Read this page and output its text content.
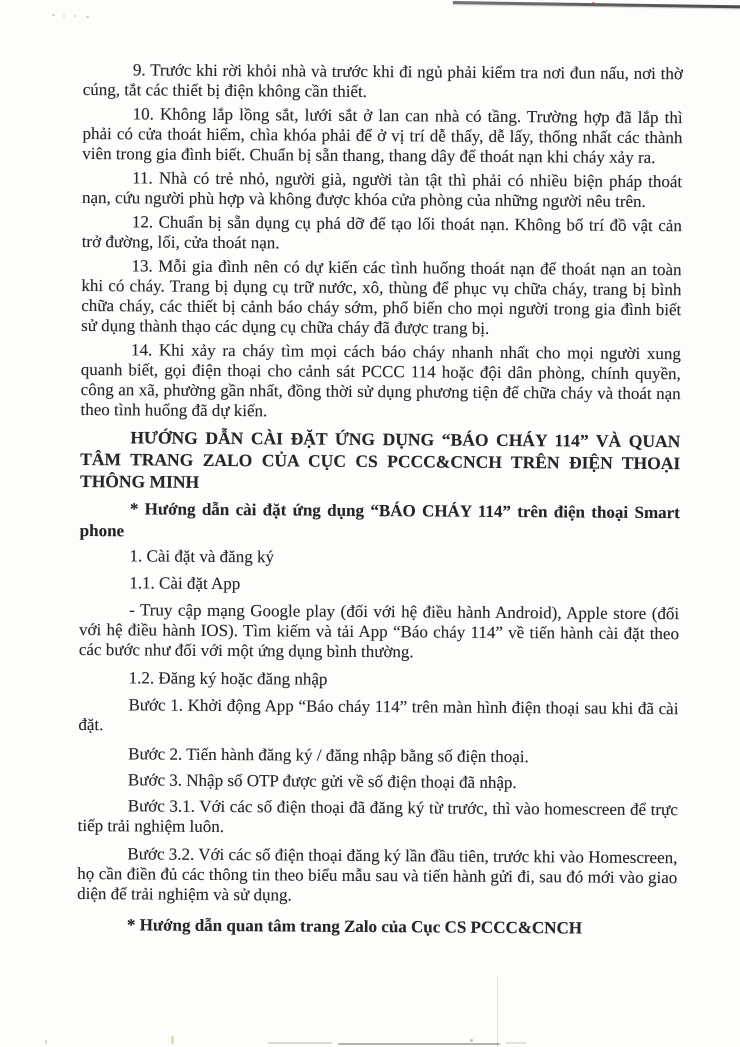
9. Trước khi rời khỏi nhà và trước khi đi ngủ phải kiểm tra nơi đun nấu, nơi thờ cúng, tắt các thiết bị điện không cần thiết.

10. Không lắp lồng sắt, lưới sắt ở lan can nhà có tầng. Trường hợp đã lắp thì phải có cửa thoát hiểm, chìa khóa phải để ở vị trí dễ thấy, dễ lấy, thống nhất các thành viên trong gia đình biết. Chuẩn bị sẵn thang, thang dây để thoát nạn khi cháy xảy ra.

11. Nhà có trẻ nhỏ, người già, người tàn tật thì phải có nhiều biện pháp thoát nạn, cứu người phù hợp và không được khóa cửa phòng của những người nêu trên.

12. Chuẩn bị sẵn dụng cụ phá dỡ để tạo lối thoát nạn. Không bố trí đồ vật cản trở đường, lối, cửa thoát nạn.

13. Mỗi gia đình nên có dự kiến các tình huống thoát nạn để thoát nạn an toàn khi có cháy. Trang bị dụng cụ trữ nước, xô, thùng để phục vụ chữa cháy, trang bị bình chữa cháy, các thiết bị cảnh báo cháy sớm, phổ biến cho mọi người trong gia đình biết sử dụng thành thạo các dụng cụ chữa cháy đã được trang bị.

14. Khi xảy ra cháy tìm mọi cách báo cháy nhanh nhất cho mọi người xung quanh biết, gọi điện thoại cho cảnh sát PCCC 114 hoặc đội dân phòng, chính quyền, công an xã, phường gần nhất, đồng thời sử dụng phương tiện để chữa cháy và thoát nạn theo tình huống đã dự kiến.

HƯỚNG DẪN CÀI ĐẶT ỨNG DỤNG “BÁO CHÁY 114” VÀ QUAN TÂM TRANG ZALO CỦA CỤC CS PCCC&CNCH TRÊN ĐIỆN THOẠI THÔNG MINH

* Hướng dẫn cài đặt ứng dụng “BÁO CHÁY 114” trên điện thoại Smart phone

1. Cài đặt và đăng ký

1.1. Cài đặt App

- Truy cập mạng Google play (đối với hệ điều hành Android), Apple store (đối với hệ điều hành IOS). Tìm kiếm và tải App “Báo cháy 114” về tiến hành cài đặt theo các bước như đối với một ứng dụng bình thường.

1.2. Đăng ký hoặc đăng nhập

Bước 1. Khởi động App “Báo cháy 114” trên màn hình điện thoại sau khi đã cài đặt.

Bước 2. Tiến hành đăng ký / đăng nhập bằng số điện thoại.

Bước 3. Nhập số OTP được gửi về số điện thoại đã nhập.

Bước 3.1. Với các số điện thoại đã đăng ký từ trước, thì vào homescreen để trực tiếp trải nghiệm luôn.

Bước 3.2. Với các số điện thoại đăng ký lần đầu tiên, trước khi vào Homescreen, họ cần điền đủ các thông tin theo biểu mẫu sau và tiến hành gửi đi, sau đó mới vào giao diện để trải nghiệm và sử dụng.

* Hướng dẫn quan tâm trang Zalo của Cục CS PCCC&CNCH
